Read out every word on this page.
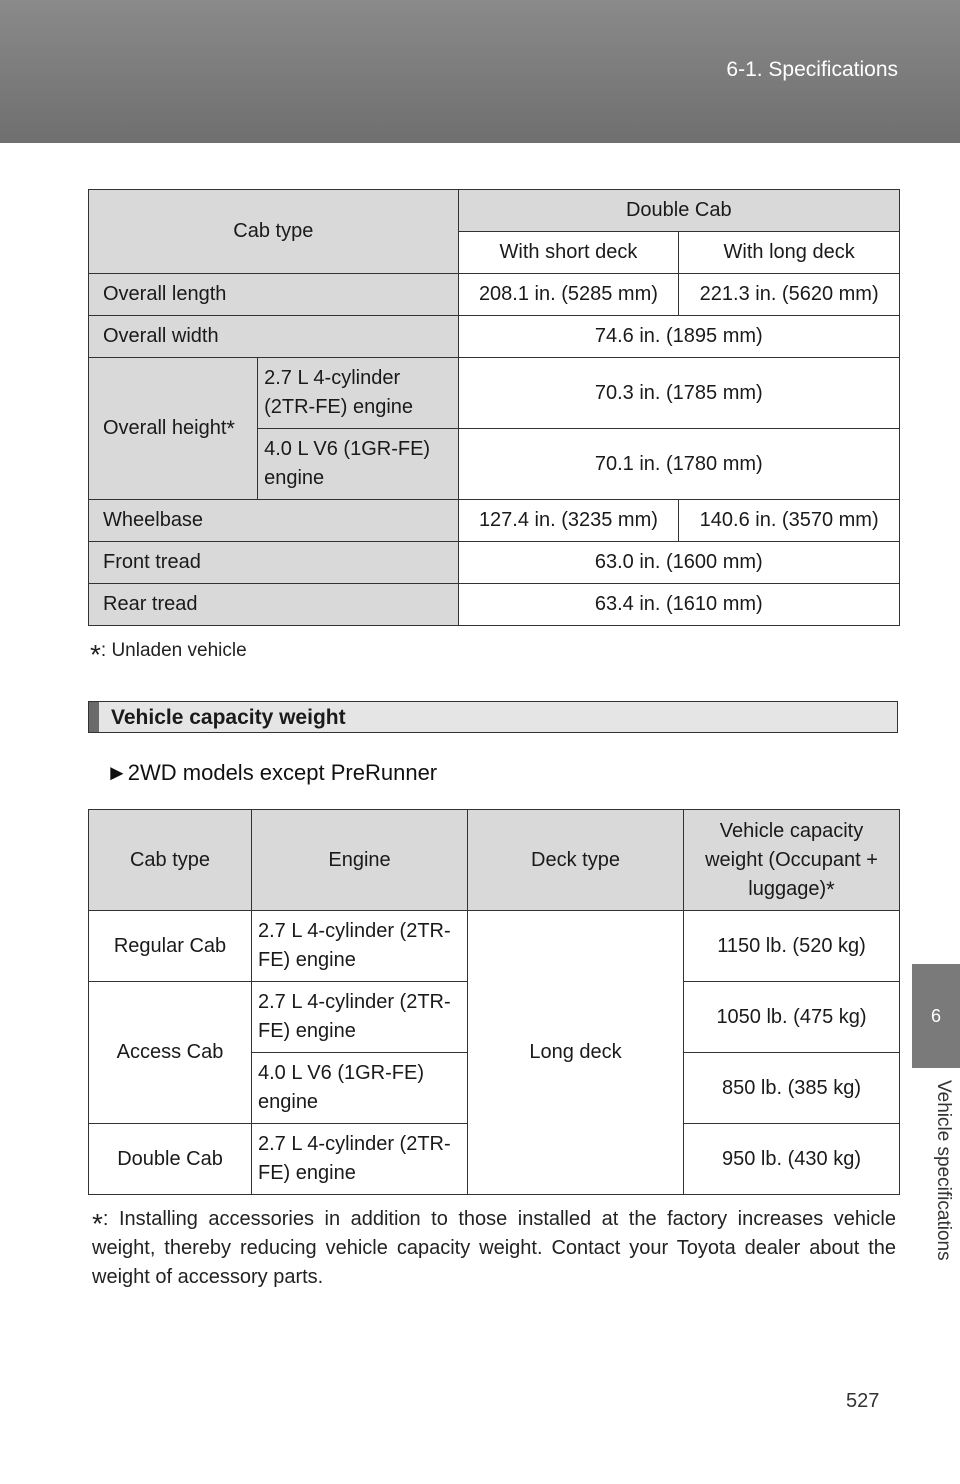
6-1. Specifications
6
Vehicle specifications
Cab type		Double Cab	
		With short deck	With long deck
Overall length		208.1 in. (5285 mm)	221.3 in. (5620 mm)
Overall width		74.6 in. (1895 mm)	
Overall height*	2.7 L 4-cylinder (2TR-FE) engine	70.3 in. (1785 mm)	
	4.0 L V6 (1GR-FE) engine	70.1 in. (1780 mm)	
Wheelbase		127.4 in. (3235 mm)	140.6 in. (3570 mm)
Front tread		63.0 in. (1600 mm)	
Rear tread		63.4 in. (1610 mm)	
*: Unladen vehicle
Vehicle capacity weight
►2WD models except PreRunner
Cab type	Engine	Deck type	Vehicle capacity weight (Occupant + luggage)*
Regular Cab	2.7 L 4-cylinder (2TR-FE) engine	Long deck	1150 lb. (520 kg)
Access Cab	2.7 L 4-cylinder (2TR-FE) engine		1050 lb. (475 kg)
	4.0 L V6 (1GR-FE) engine		850 lb. (385 kg)
Double Cab	2.7 L 4-cylinder (2TR-FE) engine		950 lb. (430 kg)
*: Installing accessories in addition to those installed at the factory increases vehicle weight, thereby reducing vehicle capacity weight. Contact your Toyota dealer about the weight of accessory parts.
527
